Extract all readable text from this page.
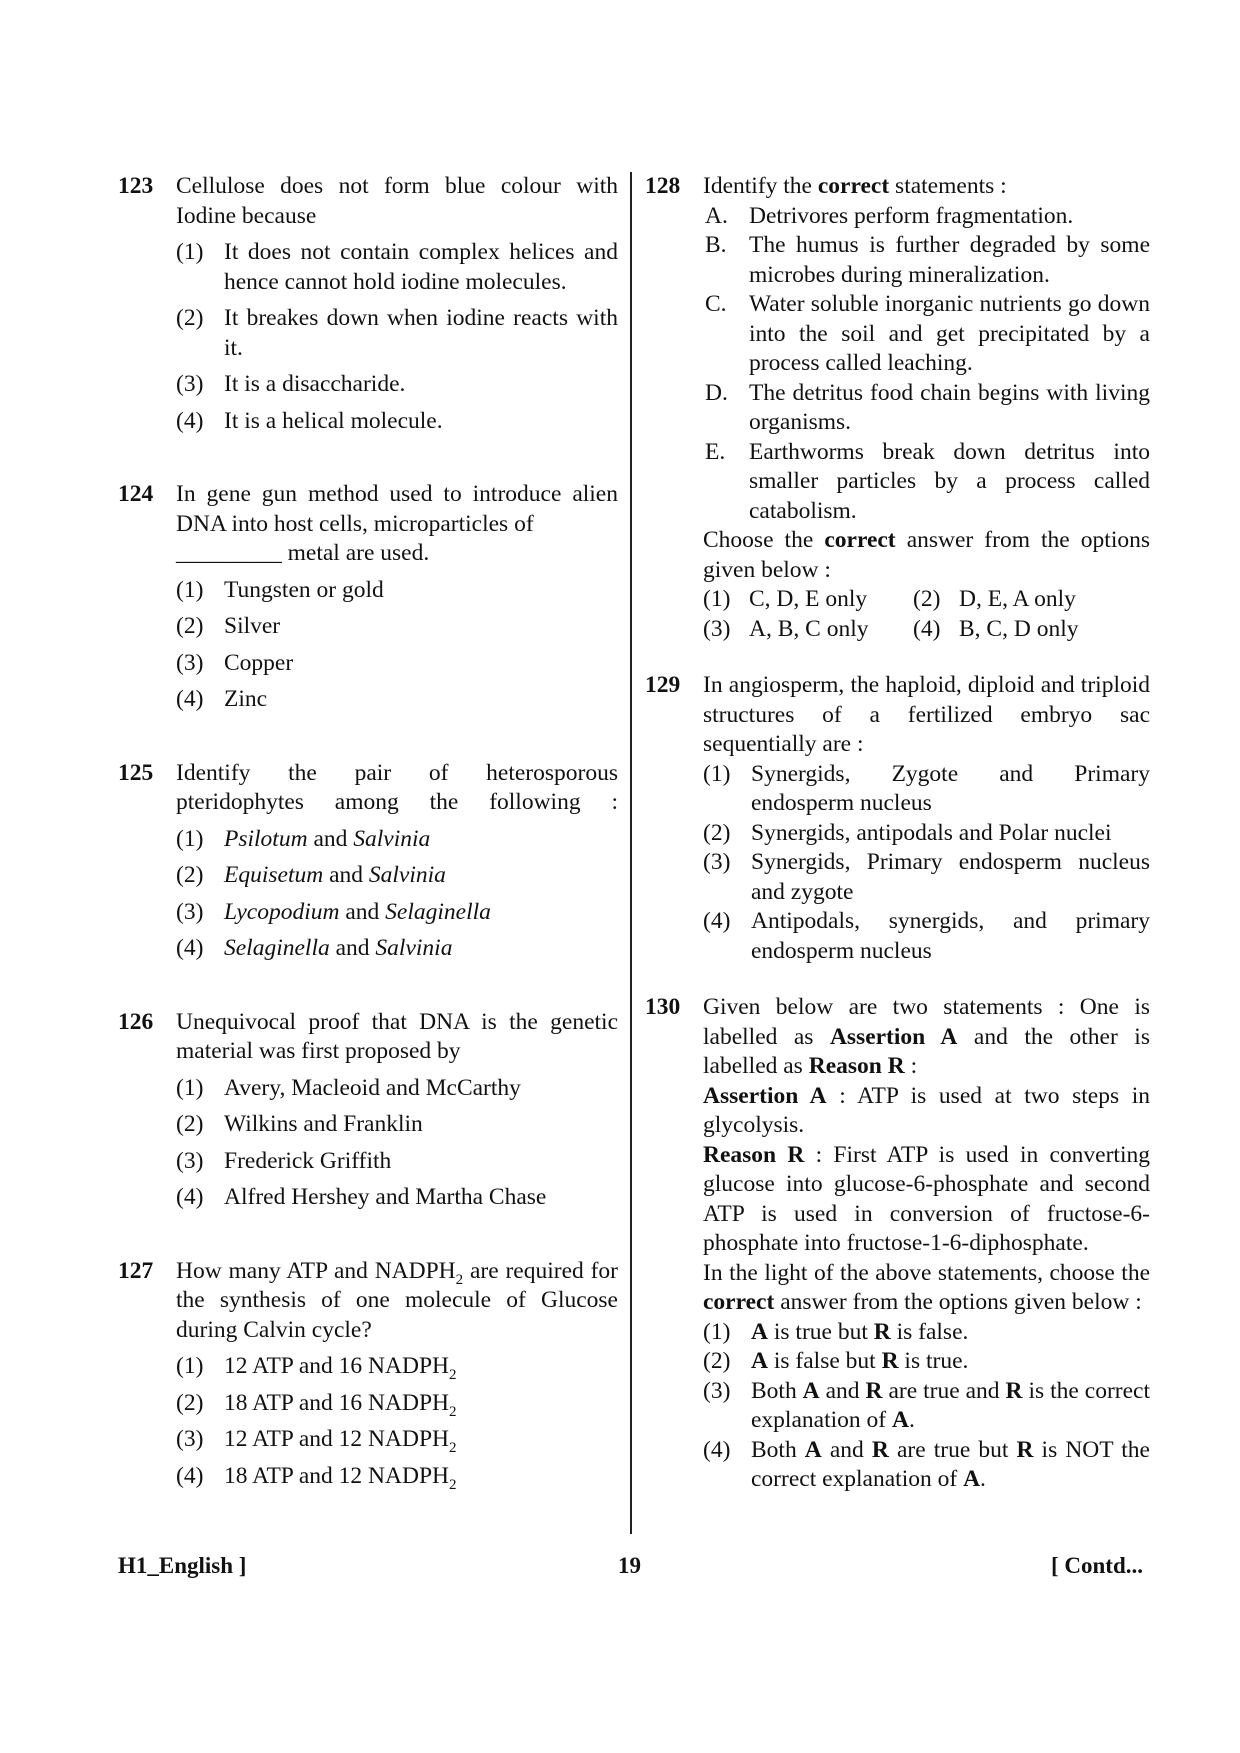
123 Cellulose does not form blue colour with Iodine because
(1) It does not contain complex helices and hence cannot hold iodine molecules.
(2) It breakes down when iodine reacts with it.
(3) It is a disaccharide.
(4) It is a helical molecule.
124 In gene gun method used to introduce alien DNA into host cells, microparticles of
_________ metal are used.
(1) Tungsten or gold
(2) Silver
(3) Copper
(4) Zinc
125 Identify the pair of heterosporous pteridophytes among the following :
(1) Psilotum and Salvinia
(2) Equisetum and Salvinia
(3) Lycopodium and Selaginella
(4) Selaginella and Salvinia
126 Unequivocal proof that DNA is the genetic material was first proposed by
(1) Avery, Macleoid and McCarthy
(2) Wilkins and Franklin
(3) Frederick Griffith
(4) Alfred Hershey and Martha Chase
127 How many ATP and $NADPH_2$ are required for the synthesis of one molecule of Glucose during Calvin cycle?
(1) 12 ATP and 16 $NADPH_2$
(2) 18 ATP and 16 $NADPH_2$
(3) 12 ATP and 12 $NADPH_2$
(4) 18 ATP and 12 $NADPH_2$
128 Identify the correct statements :
A. Detrivores perform fragmentation.
B. The humus is further degraded by some microbes during mineralization.
C. Water soluble inorganic nutrients go down into the soil and get precipitated by a process called leaching.
D. The detritus food chain begins with living organisms.
E. Earthworms break down detritus into smaller particles by a process called catabolism.
Choose the correct answer from the options given below :
(1) C, D, E only	(2) D, E, A only
(3) A, B, C only	(4) B, C, D only
129 In angiosperm, the haploid, diploid and triploid structures of a fertilized embryo sac sequentially are :
(1) Synergids, Zygote and Primary endosperm nucleus
(2) Synergids, antipodals and Polar nuclei
(3) Synergids, Primary endosperm nucleus and zygote
(4) Antipodals, synergids, and primary endosperm nucleus
130 Given below are two statements : One is labelled as Assertion A and the other is labelled as Reason R :
Assertion A : ATP is used at two steps in glycolysis.
Reason R : First ATP is used in converting glucose into glucose-6-phosphate and second ATP is used in conversion of fructose-6-phosphate into fructose-1-6-diphosphate.
In the light of the above statements, choose the correct answer from the options given below :
(1) A is true but R is false.
(2) A is false but R is true.
(3) Both A and R are true and R is the correct explanation of A.
(4) Both A and R are true but R is NOT the correct explanation of A.
H1_English ]	19	[ Contd...
